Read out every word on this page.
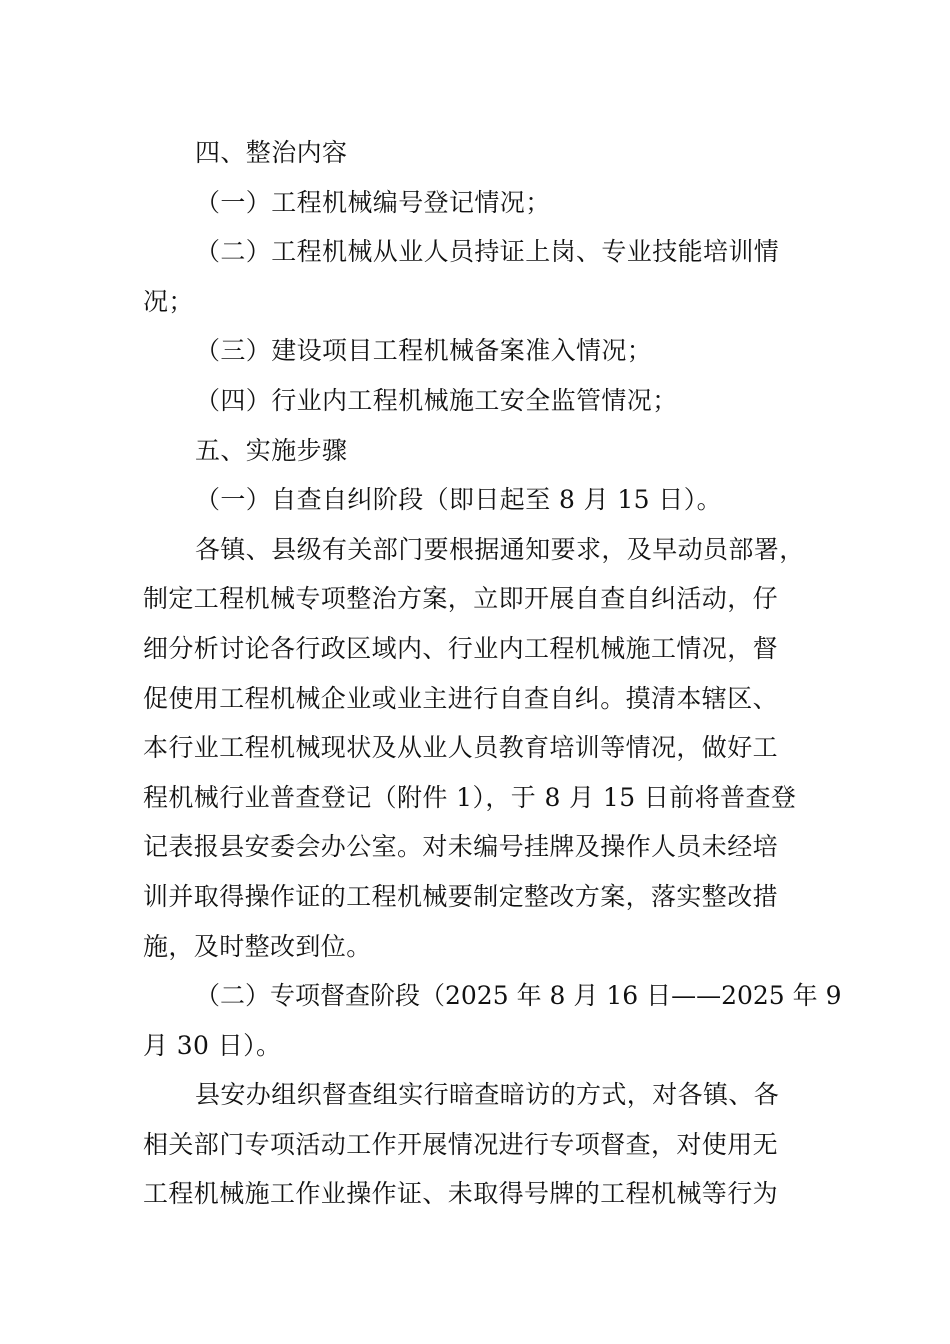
四、整治内容
（一）工程机械编号登记情况；
（二）工程机械从业人员持证上岗、专业技能培训情
况；
（三）建设项目工程机械备案准入情况；
（四）行业内工程机械施工安全监管情况；
五、实施步骤
（一）自查自纠阶段（即日起至 8 月 15 日）。
各镇、县级有关部门要根据通知要求，及早动员部署，
制定工程机械专项整治方案，立即开展自查自纠活动，仔
细分析讨论各行政区域内、行业内工程机械施工情况，督
促使用工程机械企业或业主进行自查自纠。摸清本辖区、
本行业工程机械现状及从业人员教育培训等情况，做好工
程机械行业普查登记（附件 1），于 8 月 15 日前将普查登
记表报县安委会办公室。对未编号挂牌及操作人员未经培
训并取得操作证的工程机械要制定整改方案，落实整改措
施，及时整改到位。
（二）专项督查阶段（2025 年 8 月 16 日——2025 年 9
月 30 日）。
县安办组织督查组实行暗查暗访的方式，对各镇、各
相关部门专项活动工作开展情况进行专项督查，对使用无
工程机械施工作业操作证、未取得号牌的工程机械等行为
